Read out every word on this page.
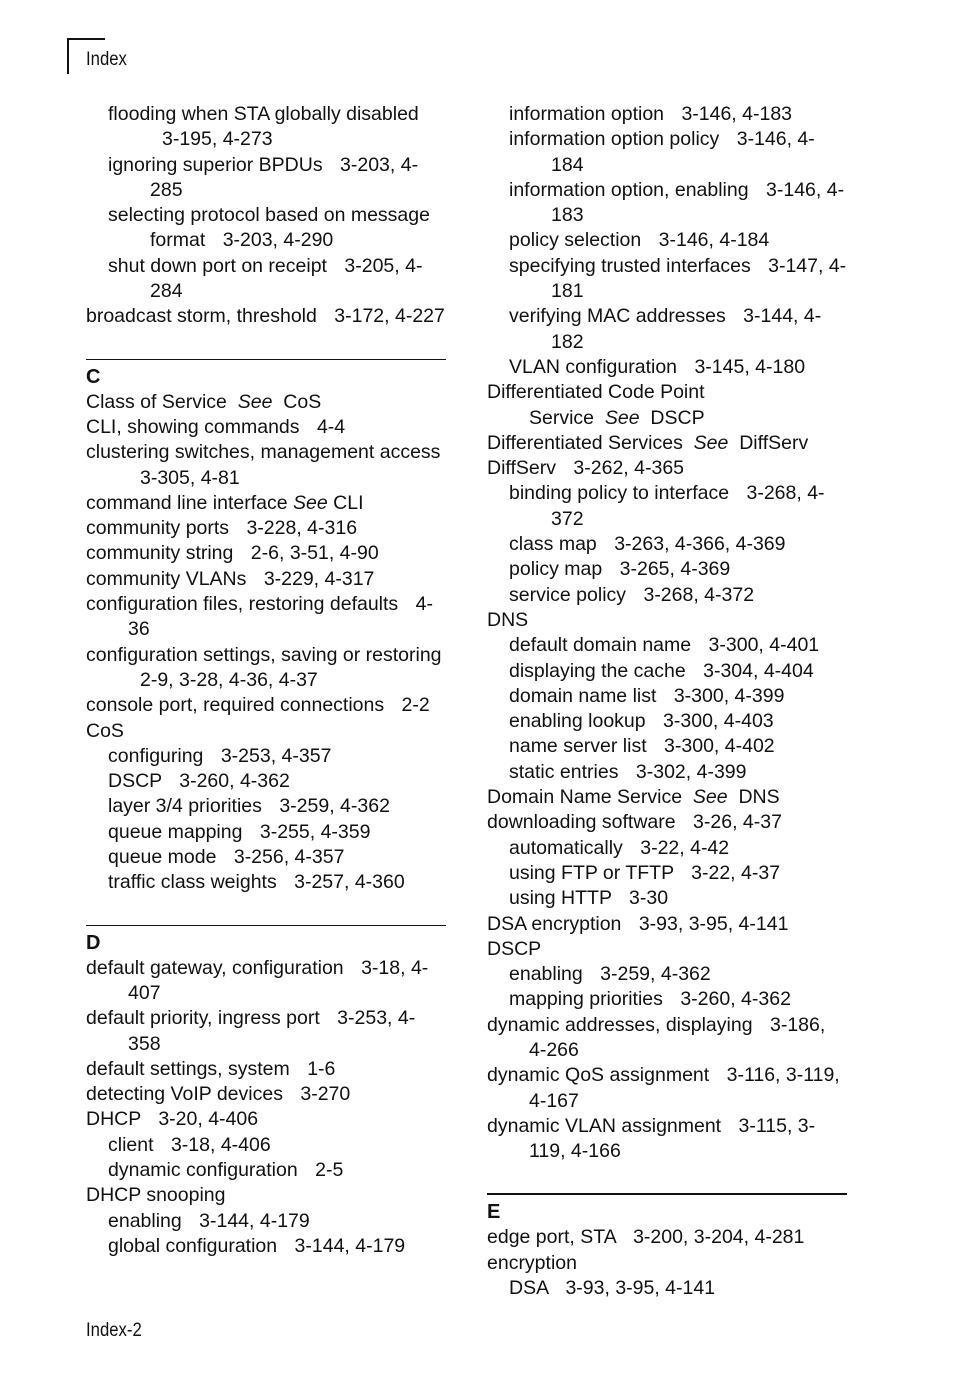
Index
flooding when STA globally disabled 3-195, 4-273
ignoring superior BPDUs 3-203, 4-285
selecting protocol based on message format 3-203, 4-290
shut down port on receipt 3-205, 4-284
broadcast storm, threshold 3-172, 4-227
C
Class of Service See CoS
CLI, showing commands 4-4
clustering switches, management access 3-305, 4-81
command line interface See CLI
community ports 3-228, 4-316
community string 2-6, 3-51, 4-90
community VLANs 3-229, 4-317
configuration files, restoring defaults 4-36
configuration settings, saving or restoring 2-9, 3-28, 4-36, 4-37
console port, required connections 2-2
CoS
configuring 3-253, 4-357
DSCP 3-260, 4-362
layer 3/4 priorities 3-259, 4-362
queue mapping 3-255, 4-359
queue mode 3-256, 4-357
traffic class weights 3-257, 4-360
D
default gateway, configuration 3-18, 4-407
default priority, ingress port 3-253, 4-358
default settings, system 1-6
detecting VoIP devices 3-270
DHCP 3-20, 4-406
client 3-18, 4-406
dynamic configuration 2-5
DHCP snooping
enabling 3-144, 4-179
global configuration 3-144, 4-179
information option 3-146, 4-183
information option policy 3-146, 4-184
information option, enabling 3-146, 4-183
policy selection 3-146, 4-184
specifying trusted interfaces 3-147, 4-181
verifying MAC addresses 3-144, 4-182
VLAN configuration 3-145, 4-180
Differentiated Code Point Service See DSCP
Differentiated Services See DiffServ
DiffServ 3-262, 4-365
binding policy to interface 3-268, 4-372
class map 3-263, 4-366, 4-369
policy map 3-265, 4-369
service policy 3-268, 4-372
DNS
default domain name 3-300, 4-401
displaying the cache 3-304, 4-404
domain name list 3-300, 4-399
enabling lookup 3-300, 4-403
name server list 3-300, 4-402
static entries 3-302, 4-399
Domain Name Service See DNS
downloading software 3-26, 4-37
automatically 3-22, 4-42
using FTP or TFTP 3-22, 4-37
using HTTP 3-30
DSA encryption 3-93, 3-95, 4-141
DSCP
enabling 3-259, 4-362
mapping priorities 3-260, 4-362
dynamic addresses, displaying 3-186, 4-266
dynamic QoS assignment 3-116, 3-119, 4-167
dynamic VLAN assignment 3-115, 3-119, 4-166
E
edge port, STA 3-200, 3-204, 4-281
encryption
DSA 3-93, 3-95, 4-141
Index-2
